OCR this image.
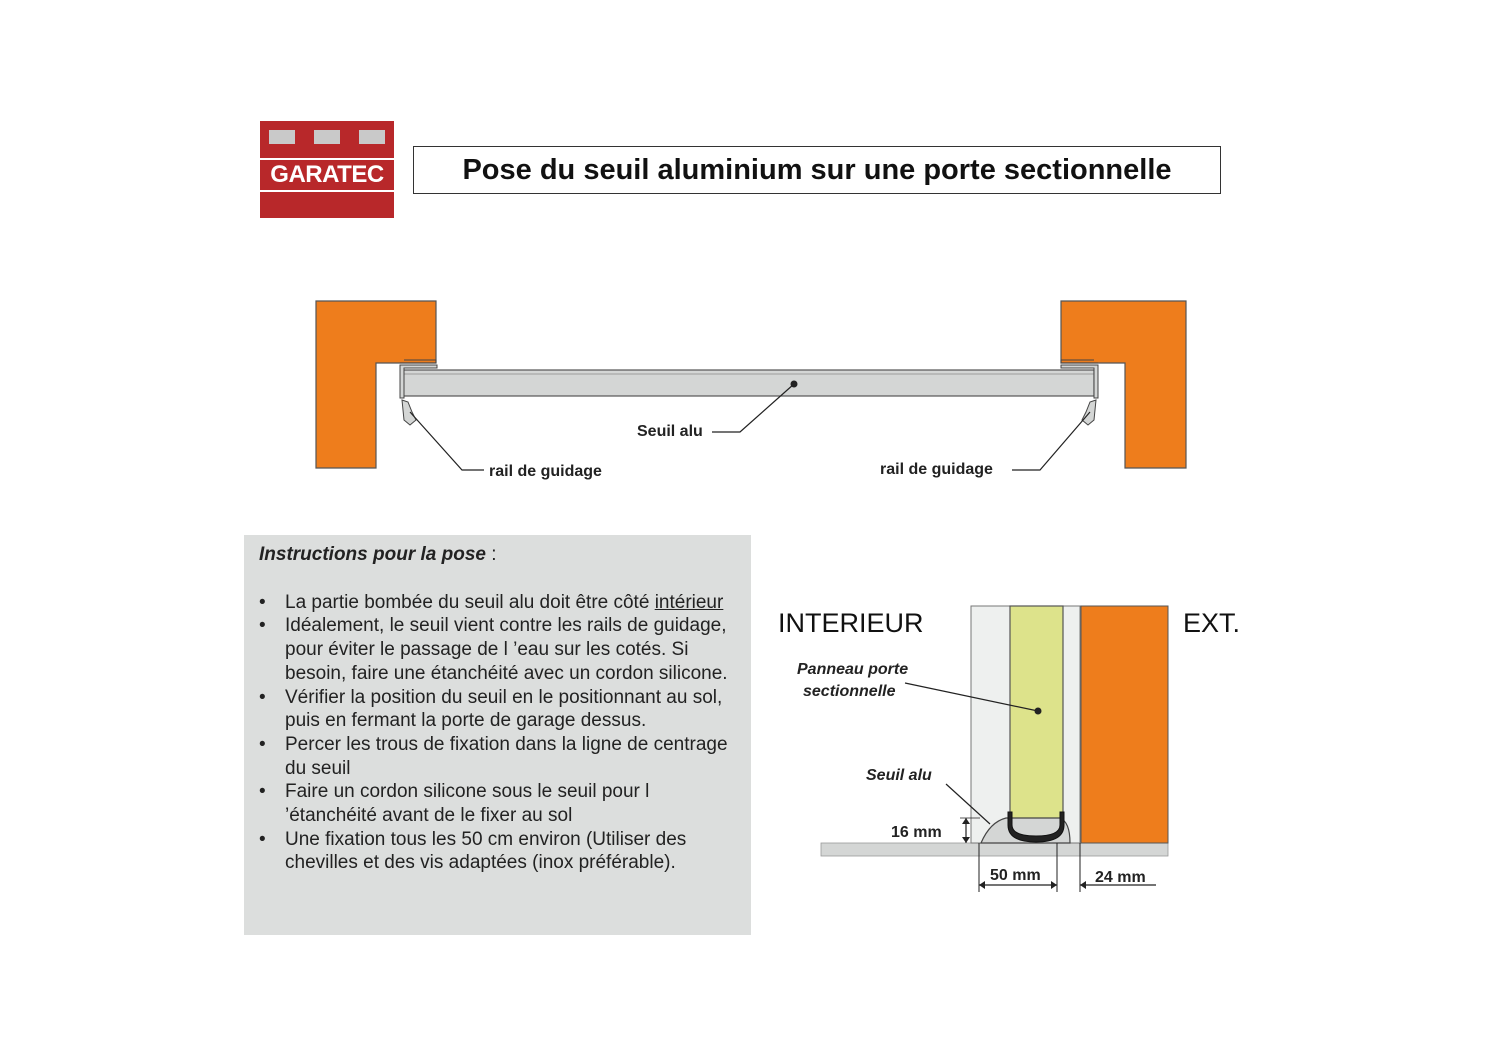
GARATEC	Pose du seuil aluminium sur une porte sectionnelle
Seuil alu
rail de guidage	rail de guidage
INTERIEUR	EXT.
Panneau porte
sectionnelle
Seuil alu
16 mm
50 mm	24 mm
Instructions pour la pose :
• La partie bombée du seuil alu doit être côté intérieur
• Idéalement, le seuil vient contre les rails de guidage, pour éviter le passage de l ’eau sur les cotés. Si besoin, faire une étanchéité avec un cordon silicone.
• Vérifier la position du seuil en le positionnant au sol, puis en fermant la porte de garage dessus.
• Percer les trous de fixation dans la ligne de centrage du seuil
• Faire un cordon silicone sous le seuil pour l ’étanchéité avant de le fixer au sol
• Une fixation tous les 50 cm environ (Utiliser des chevilles et des vis adaptées (inox préférable).
